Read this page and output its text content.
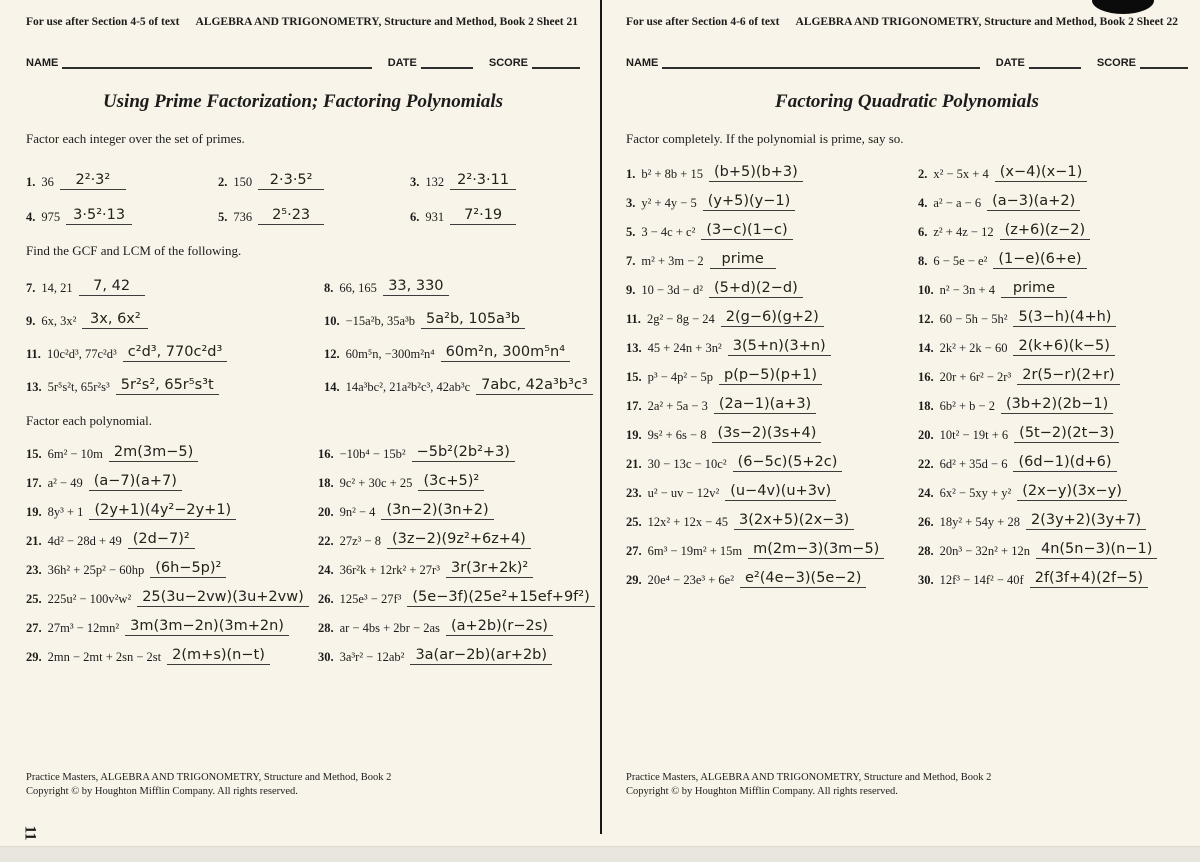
For use after Section 4-5 of text ALGEBRA AND TRIGONOMETRY, Structure and Method, Book 2 Sheet 21
NAME	DATE	SCORE
Using Prime Factorization; Factoring Polynomials

Factor each integer over the set of primes.

1. 36	2²·3²	2. 150	2·3·5²	3. 132 2²·3·11
4. 975 3·5²·13	5. 736	2⁵·23	6. 931	7²·19

Find the GCF and LCM of the following.

7. 14, 21	7, 42	8. 66, 165 33, 330
9. 6x, 3x² 3x, 6x²	10. −15a²b, 35a³b 5a²b, 105a³b
11. 10c²d³, 77c²d³ c²d³, 770c²d³	12. 60m⁵n, −300m²n⁴ 60m²n, 300m⁵n⁴
13. 5r⁵s²t, 65r²s³ 5r²s², 65r⁵s³t	14. 14a³bc², 21a²b²c³, 42ab³c 7abc, 42a³b³c³

Factor each polynomial.

15. 6m² − 10m 2m(3m−5)	16. −10b⁴ − 15b² −5b²(2b²+3)
17. a² − 49 (a−7)(a+7)	18. 9c² + 30c + 25 (3c+5)²
19. 8y³ + 1 (2y+1)(4y²−2y+1)	20. 9n² − 4 (3n−2)(3n+2)
21. 4d² − 28d + 49 (2d−7)²	22. 27z³ − 8 (3z−2)(9z²+6z+4)
23. 36h² + 25p² − 60hp (6h−5p)²	24. 36r²k + 12rk² + 27r³ 3r(3r+2k)²
25. 225u² − 100v²w² 25(3u−2vw)(3u+2vw)	26. 125e³ − 27f³ (5e−3f)(25e²+15ef+9f²)
27. 27m³ − 12mn² 3m(3m−2n)(3m+2n)	28. ar − 4bs + 2br − 2as (a+2b)(r−2s)
29. 2mn − 2mt + 2sn − 2st 2(m+s)(n−t)	30. 3a³r² − 12ab² 3a(ar−2b)(ar+2b)
Practice Masters, ALGEBRA AND TRIGONOMETRY, Structure and Method, Book 2
Copyright © by Houghton Mifflin Company. All rights reserved.
For use after Section 4-6 of text ALGEBRA AND TRIGONOMETRY, Structure and Method, Book 2 Sheet 22
NAME	DATE	SCORE
Factoring Quadratic Polynomials

Factor completely. If the polynomial is prime, say so.

1. b² + 8b + 15 (b+5)(b+3)	2. x² − 5x + 4 (x−4)(x−1)
3. y² + 4y − 5 (y+5)(y−1)	4. a² − a − 6 (a−3)(a+2)
5. 3 − 4c + c² (3−c)(1−c)	6. z² + 4z − 12 (z+6)(z−2)
7. m² + 3m − 2	prime	8. 6 − 5e − e² (1−e)(6+e)
9. 10 − 3d − d² (5+d)(2−d)	10. n² − 3n + 4	prime
11. 2g² − 8g − 24 2(g−6)(g+2)	12. 60 − 5h − 5h² 5(3−h)(4+h)
13. 45 + 24n + 3n² 3(5+n)(3+n)	14. 2k² + 2k − 60 2(k+6)(k−5)
15. p³ − 4p² − 5p p(p−5)(p+1)	16. 20r + 6r² − 2r³ 2r(5−r)(2+r)
17. 2a² + 5a − 3 (2a−1)(a+3)	18. 6b² + b − 2 (3b+2)(2b−1)
19. 9s² + 6s − 8 (3s−2)(3s+4)	20. 10t² − 19t + 6 (5t−2)(2t−3)
21. 30 − 13c − 10c² (6−5c)(5+2c)	22. 6d² + 35d − 6 (6d−1)(d+6)
23. u² − uv − 12v² (u−4v)(u+3v)	24. 6x² − 5xy + y² (2x−y)(3x−y)
25. 12x² + 12x − 45 3(2x+5)(2x−3)	26. 18y² + 54y + 28 2(3y+2)(3y+7)
27. 6m³ − 19m² + 15m m(2m−3)(3m−5)	28. 20n³ − 32n² + 12n 4n(5n−3)(n−1)
29. 20e⁴ − 23e³ + 6e² e²(4e−3)(5e−2)	30. 12f³ − 14f² − 40f 2f(3f+4)(2f−5)
Practice Masters, ALGEBRA AND TRIGONOMETRY, Structure and Method, Book 2
Copyright © by Houghton Mifflin Company. All rights reserved.
11
